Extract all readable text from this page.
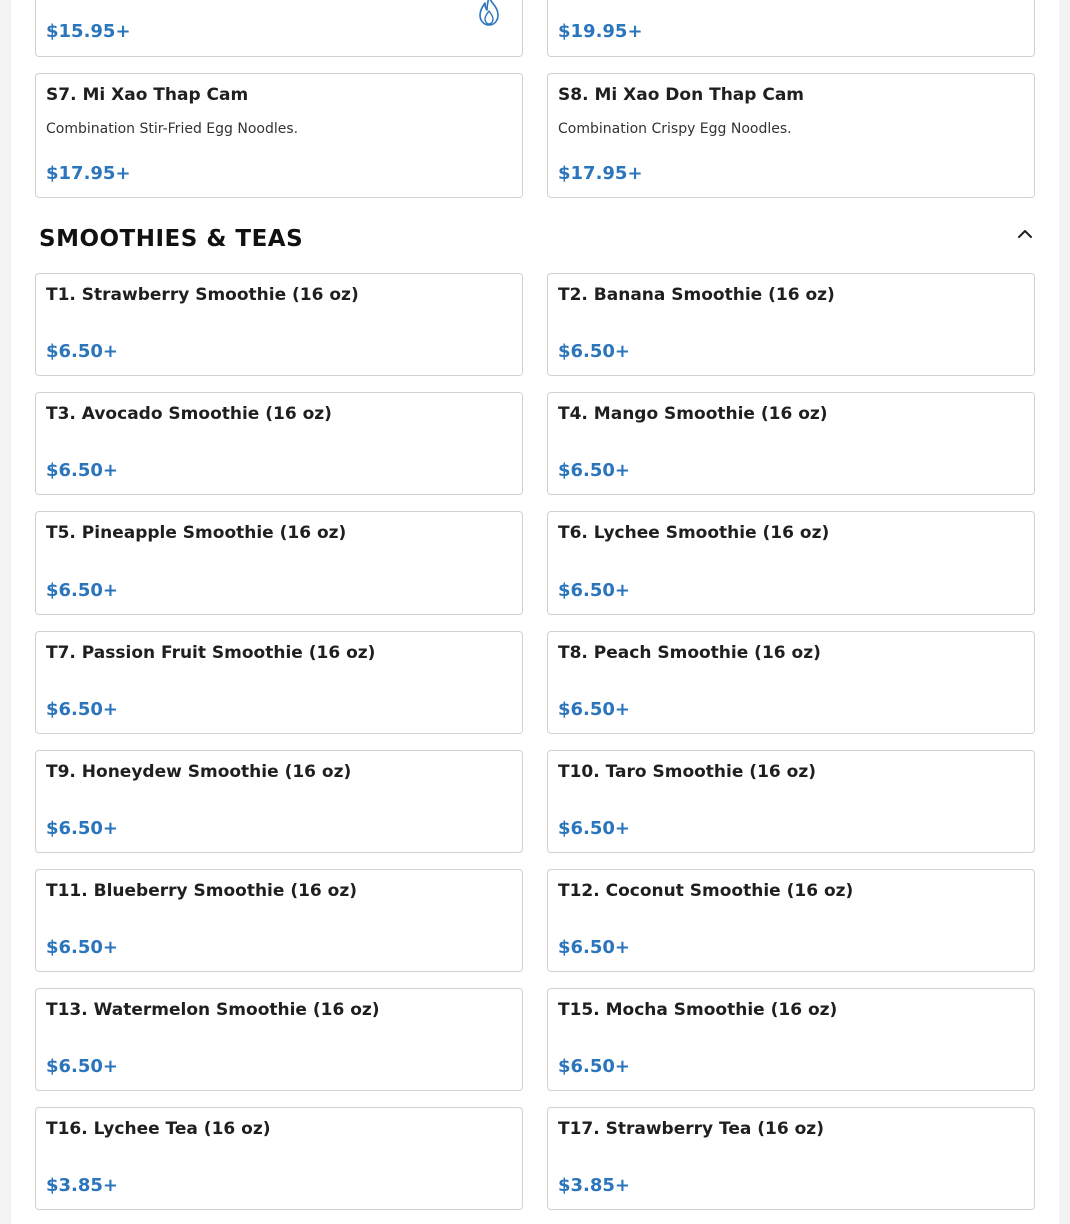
$15.95+	$19.95+
S7. Mi Xao Thap Cam
Combination Stir-Fried Egg Noodles.
$17.95+
S8. Mi Xao Don Thap Cam
Combination Crispy Egg Noodles.
$17.95+
SMOOTHIES & TEAS
T1. Strawberry Smoothie (16 oz)
$6.50+
T2. Banana Smoothie (16 oz)
$6.50+
T3. Avocado Smoothie (16 oz)
$6.50+
T4. Mango Smoothie (16 oz)
$6.50+
T5. Pineapple Smoothie (16 oz)
$6.50+
T6. Lychee Smoothie (16 oz)
$6.50+
T7. Passion Fruit Smoothie (16 oz)
$6.50+
T8. Peach Smoothie (16 oz)
$6.50+
T9. Honeydew Smoothie (16 oz)
$6.50+
T10. Taro Smoothie (16 oz)
$6.50+
T11. Blueberry Smoothie (16 oz)
$6.50+
T12. Coconut Smoothie (16 oz)
$6.50+
T13. Watermelon Smoothie (16 oz)
$6.50+
T15. Mocha Smoothie (16 oz)
$6.50+
T16. Lychee Tea (16 oz)
$3.85+
T17. Strawberry Tea (16 oz)
$3.85+
